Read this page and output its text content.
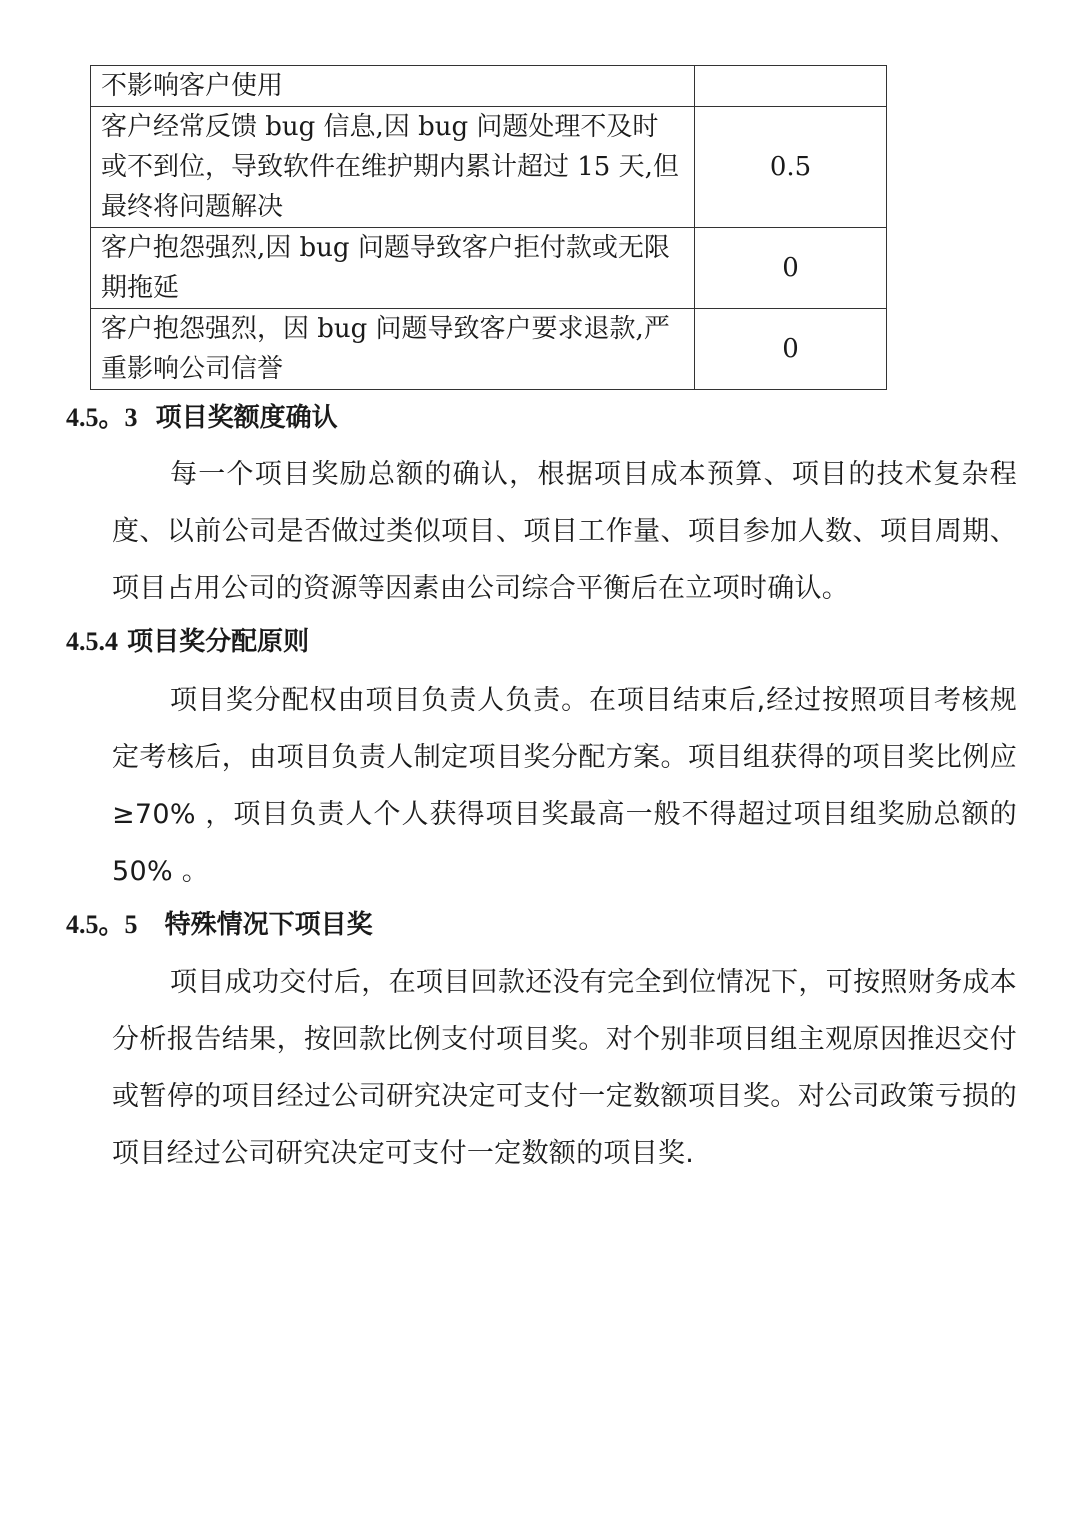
不影响客户使用	
客户经常反馈 bug 信息,因 bug 问题处理不及时或不到位，导致软件在维护期内累计超过 15 天,但最终将问题解决	0.5
客户抱怨强烈,因 bug 问题导致客户拒付款或无限期拖延	0
客户抱怨强烈，因 bug 问题导致客户要求退款,严重影响公司信誉	0
4.5。3 项目奖额度确认
每一个项目奖励总额的确认，根据项目成本预算、项目的技术复杂程度、以前公司是否做过类似项目、项目工作量、项目参加人数、项目周期、项目占用公司的资源等因素由公司综合平衡后在立项时确认。
4.5.4 项目奖分配原则
项目奖分配权由项目负责人负责。在项目结束后,经过按照项目考核规定考核后，由项目负责人制定项目奖分配方案。项目组获得的项目奖比例应≥70% ，项目负责人个人获得项目奖最高一般不得超过项目组奖励总额的 50% 。
4.5。5 特殊情况下项目奖
项目成功交付后，在项目回款还没有完全到位情况下，可按照财务成本分析报告结果，按回款比例支付项目奖。对个别非项目组主观原因推迟交付或暂停的项目经过公司研究决定可支付一定数额项目奖。对公司政策亏损的项目经过公司研究决定可支付一定数额的项目奖.
